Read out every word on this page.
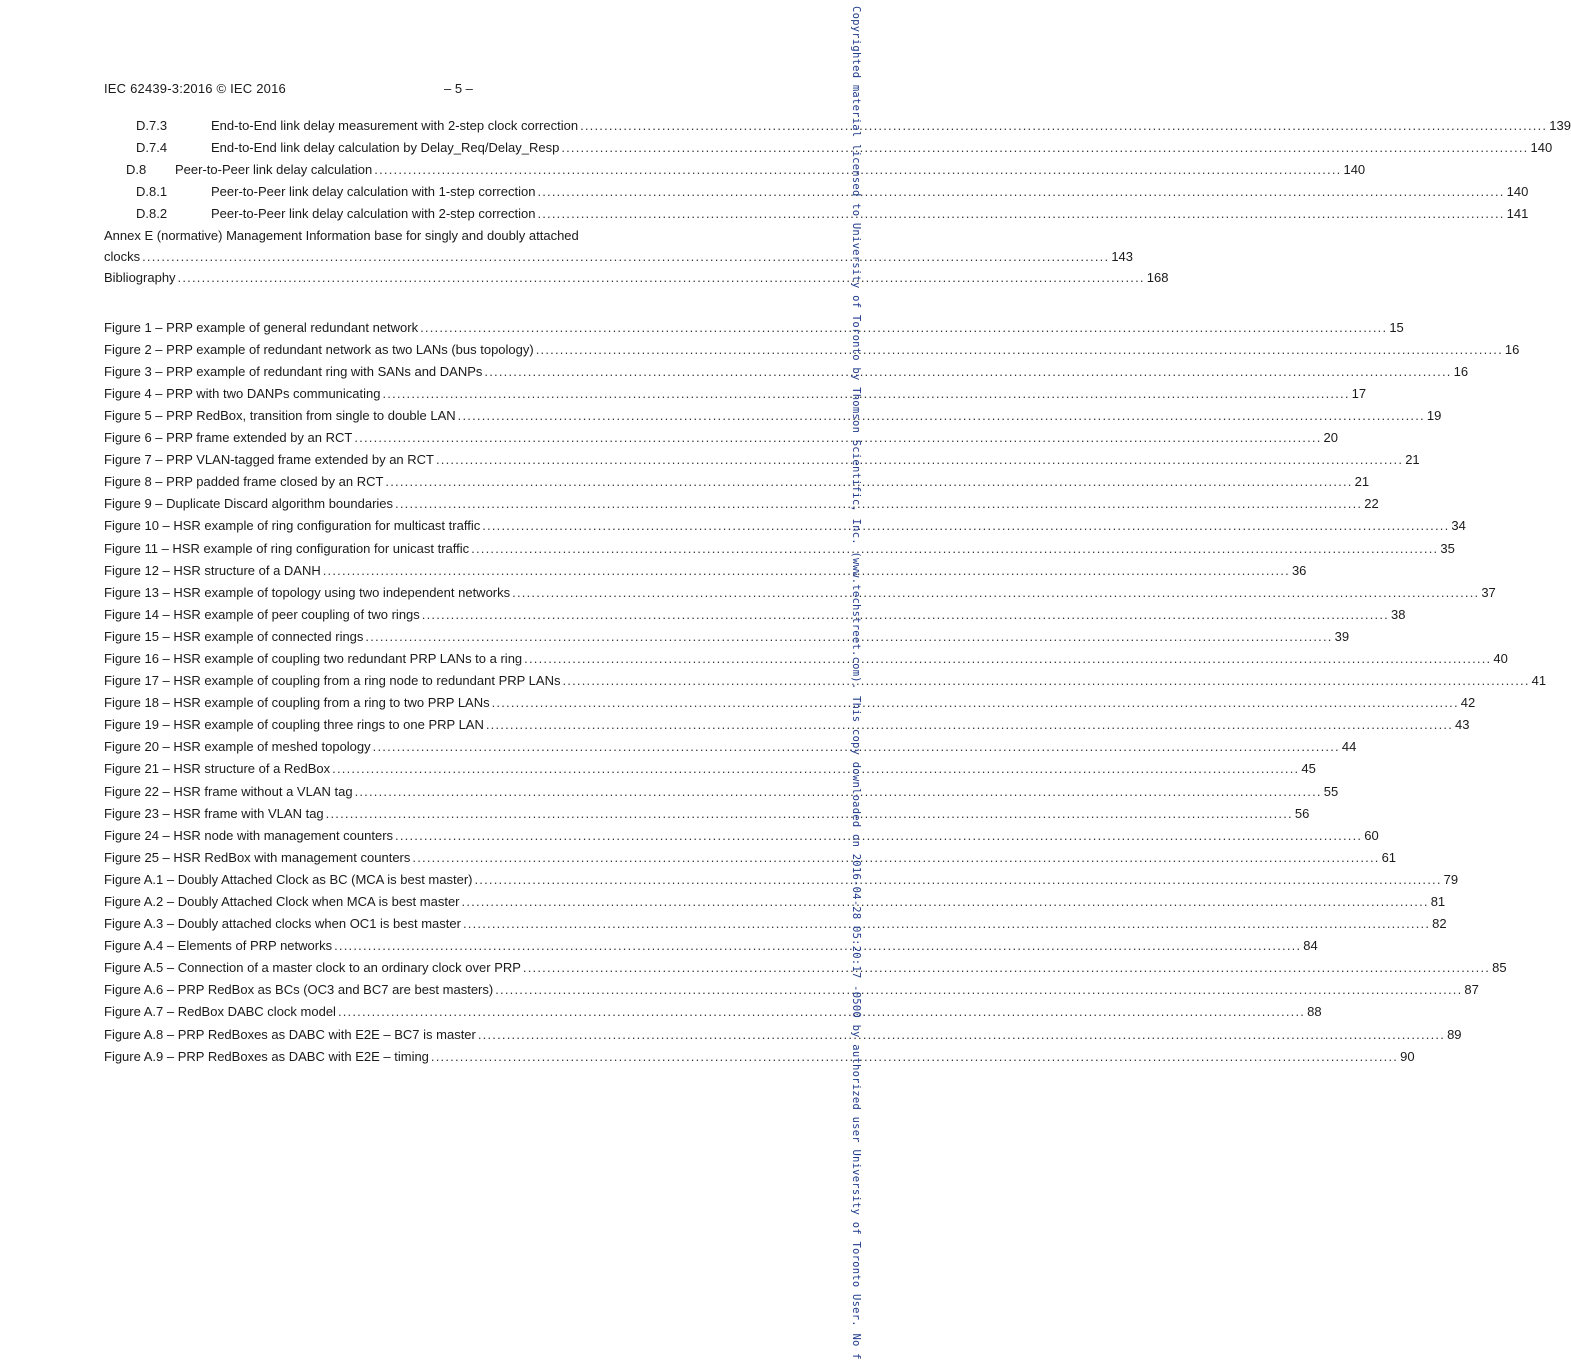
IEC 62439-3:2016 © IEC 2016	– 5 –
D.7.3	End-to-End link delay measurement with 2-step clock correction .....	139
D.7.4	End-to-End link delay calculation by Delay_Req/Delay_Resp .....	140
D.8 Peer-to-Peer link delay calculation .....	140
D.8.1	Peer-to-Peer link delay calculation with 1-step correction .....	140
D.8.2	Peer-to-Peer link delay calculation with 2-step correction .....	141
Annex E (normative) Management Information base for singly and doubly attached
clocks .....	143
Bibliography .....	168
Figure 1 – PRP example of general redundant network .....	15
Figure 2 – PRP example of redundant network as two LANs (bus topology) .....	16
Figure 3 – PRP example of redundant ring with SANs and DANPs .....	16
Figure 4 – PRP with two DANPs communicating .....	17
Figure 5 – PRP RedBox, transition from single to double LAN .....	19
Figure 6 – PRP frame extended by an RCT .....	20
Figure 7 – PRP VLAN-tagged frame extended by an RCT .....	21
Figure 8 – PRP padded frame closed by an RCT .....	21
Figure 9 – Duplicate Discard algorithm boundaries .....	22
Figure 10 – HSR example of ring configuration for multicast traffic .....	34
Figure 11 – HSR example of ring configuration for unicast traffic .....	35
Figure 12 – HSR structure of a DANH .....	36
Figure 13 – HSR example of topology using two independent networks .....	37
Figure 14 – HSR example of peer coupling of two rings .....	38
Figure 15 – HSR example of connected rings .....	39
Figure 16 – HSR example of coupling two redundant PRP LANs to a ring .....	40
Figure 17 – HSR example of coupling from a ring node to redundant PRP LANs .....	41
Figure 18 – HSR example of coupling from a ring to two PRP LANs .....	42
Figure 19 – HSR example of coupling three rings to one PRP LAN .....	43
Figure 20 – HSR example of meshed topology .....	44
Figure 21 – HSR structure of a RedBox .....	45
Figure 22 – HSR frame without a VLAN tag .....	55
Figure 23 – HSR frame with VLAN tag .....	56
Figure 24 – HSR node with management counters .....	60
Figure 25 – HSR RedBox with management counters .....	61
Figure A.1 – Doubly Attached Clock as BC (MCA is best master) .....	79
Figure A.2 – Doubly Attached Clock when MCA is best master .....	81
Figure A.3 – Doubly attached clocks when OC1 is best master .....	82
Figure A.4 – Elements of PRP networks .....	84
Figure A.5 – Connection of a master clock to an ordinary clock over PRP .....	85
Figure A.6 – PRP RedBox as BCs (OC3 and BC7 are best masters) .....	87
Figure A.7 – RedBox DABC clock model .....	88
Figure A.8 – PRP RedBoxes as DABC with E2E – BC7 is master .....	89
Figure A.9 – PRP RedBoxes as DABC with E2E – timing .....	90
Copyrighted material licensed to University of Toronto by Thomson Scientific, Inc. (www.techstreet.com). This copy downloaded on 2016-04-28 05:20:17 -0500 by authorized user University of Toronto User. No f
